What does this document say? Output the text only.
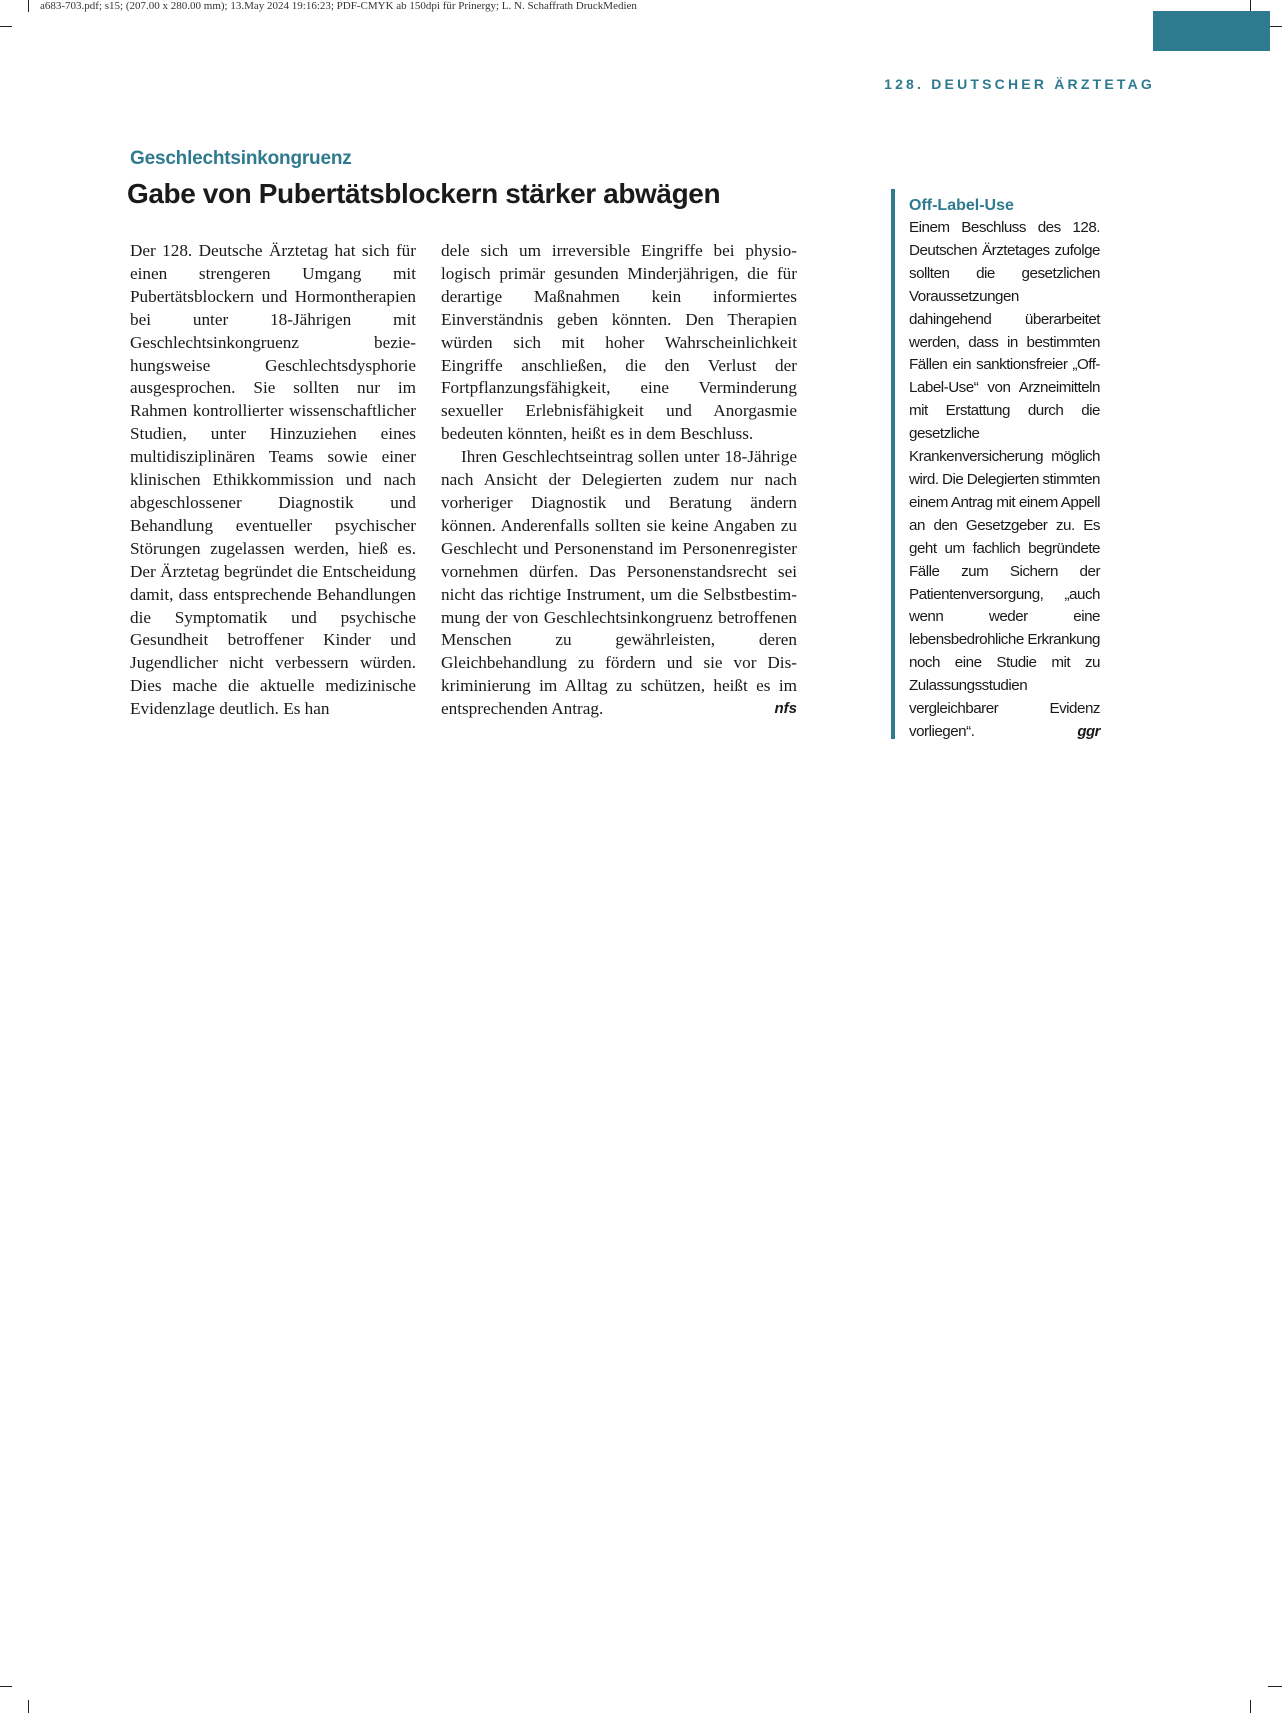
a683-703.pdf; s15; (207.00 x 280.00 mm); 13.May 2024 19:16:23; PDF-CMYK ab 150dpi für Prinergy; L. N. Schaffrath DruckMedien
128. DEUTSCHER ÄRZTETAG
Geschlechtsinkongruenz
Gabe von Pubertätsblockern stärker abwägen

Der 128. Deutsche Ärztetag hat sich für einen strengeren Umgang mit Pubertätsblockern und Hormontherapien bei unter 18-Jährigen mit Geschlechtsinkongruenz beziehungsweise Geschlechtsdysphorie ausgesprochen. Sie sollten nur im Rahmen kontrollierter wissenschaftlicher Studien, unter Hinzuziehen eines multidisziplinären Teams sowie einer klinischen Ethikkommission und nach abgeschlossener Diagnostik und Behandlung eventueller psychischer Störungen zugelassen werden, hieß es. Der Ärztetag begründet die Entscheidung damit, dass entsprechende Behandlungen die Symptomatik und psychische Gesundheit betroffener Kinder und Jugendlicher nicht verbessern würden. Dies mache die aktuelle medizinische Evidenzlage deutlich. Es han

dele sich um irreversible Eingriffe bei physiologisch primär gesunden Minderjährigen, die für derartige Maßnahmen kein informiertes Einverständnis geben könnten. Den Therapien würden sich mit hoher Wahrscheinlichkeit Eingriffe anschließen, die den Verlust der Fortpflanzungsfähigkeit, eine Verminderung sexueller Erlebnisfähigkeit und Anorgasmie bedeuten könnten, heißt es in dem Beschluss.

Ihren Geschlechtseintrag sollen unter 18-Jährige nach Ansicht der Delegierten zudem nur nach vorheriger Diagnostik und Beratung ändern können. Anderenfalls sollten sie keine Angaben zu Geschlecht und Personenstand im Personenregister vornehmen dürfen. Das Personenstandsrecht sei nicht das richtige Instrument, um die Selbstbestimmung der von Geschlechtsinkongruenz betroffenen Menschen zu gewährleisten, deren Gleichbehandlung zu fördern und sie vor Diskriminierung im Alltag zu schützen, heißt es im entsprechenden Antrag.	nfs

Off-Label-Use

Einem Beschluss des 128. Deutschen Ärztetages zufolge sollten die gesetzlichen Voraussetzungen dahingehend überarbeitet werden, dass in bestimmten Fällen ein sanktionsfreier „Off-Label-Use“ von Arzneimitteln mit Erstattung durch die gesetzliche Krankenversicherung möglich wird. Die Delegierten stimmten einem Antrag mit einem Appell an den Gesetzgeber zu. Es geht um fachlich begründete Fälle zum Sichern der Patientenversorgung, „auch wenn weder eine lebensbedrohliche Erkrankung noch eine Studie mit zu Zulassungsstudien vergleichbarer Evidenz vorliegen“.	ggr
